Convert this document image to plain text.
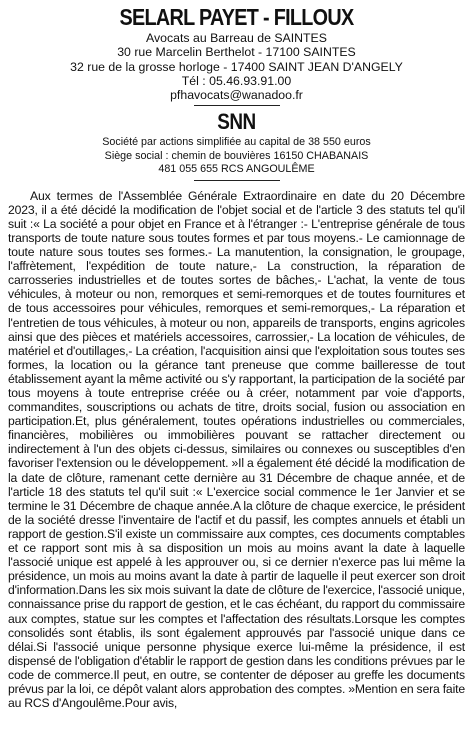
SELARL PAYET - FILLOUX
Avocats au Barreau de SAINTES
30 rue Marcelin Berthelot - 17100 SAINTES
32 rue de la grosse horloge - 17400 SAINT JEAN D'ANGELY
Tél : 05.46.93.91.00
pfhavocats@wanadoo.fr
SNN
Société par actions simplifiée au capital de 38 550 euros
Siège social : chemin de bouvières 16150 CHABANAIS
481 055 655 RCS ANGOULÊME

Aux termes de l'Assemblée Générale Extraordinaire en date du 20 Décembre 2023, il a été décidé la modification de l'objet social et de l'article 3 des statuts tel qu'il suit :« La société a pour objet en France et à l'étranger :- L'entreprise générale de tous transports de toute nature sous toutes formes et par tous moyens.- Le camionnage de toute nature sous toutes ses formes.- La manutention, la consignation, le groupage, l'affrètement, l'expédition de toute nature,- La construction, la réparation de carrosseries industrielles et de toutes sortes de bâches,- L'achat, la vente de tous véhicules, à moteur ou non, remorques et semi-remorques et de toutes fournitures et de tous accessoires pour véhicules, remorques et semi-remorques,- La réparation et l'entretien de tous véhicules, à moteur ou non, appareils de transports, engins agricoles ainsi que des pièces et matériels accessoires, carrossier,- La location de véhicules, de matériel et d'outillages,- La création, l'acquisition ainsi que l'exploitation sous toutes ses formes, la location ou la gérance tant preneuse que comme bailleresse de tout établissement ayant la même activité ou s'y rapportant, la participation de la société par tous moyens à toute entreprise créée ou à créer, notamment par voie d'apports, commandites, souscriptions ou achats de titre, droits social, fusion ou association en participation.Et, plus généralement, toutes opérations industrielles ou commerciales, financières, mobilières ou immobilières pouvant se rattacher directement ou indirectement à l'un des objets ci-dessus, similaires ou connexes ou susceptibles d'en favoriser l'extension ou le développement. »Il a également été décidé la modification de la date de clôture, ramenant cette dernière au 31 Décembre de chaque année, et de l'article 18 des statuts tel qu'il suit :« L'exercice social commence le 1er Janvier et se termine le 31 Décembre de chaque année.A la clôture de chaque exercice, le président de la société dresse l'inventaire de l'actif et du passif, les comptes annuels et établi un rapport de gestion.S'il existe un commissaire aux comptes, ces documents comptables et ce rapport sont mis à sa disposition un mois au moins avant la date à laquelle l'associé unique est appelé à les approuver ou, si ce dernier n'exerce pas lui même la présidence, un mois au moins avant la date à partir de laquelle il peut exercer son droit d'information.Dans les six mois suivant la date de clôture de l'exercice, l'associé unique, connaissance prise du rapport de gestion, et le cas échéant, du rapport du commissaire aux comptes, statue sur les comptes et l'affectation des résultats.Lorsque les comptes consolidés sont établis, ils sont également approuvés par l'associé unique dans ce délai.Si l'associé unique personne physique exerce lui-même la présidence, il est dispensé de l'obligation d'établir le rapport de gestion dans les conditions prévues par le code de commerce.Il peut, en outre, se contenter de déposer au greffe les documents prévus par la loi, ce dépôt valant alors approbation des comptes. »Mention en sera faite au RCS d'Angoulême.Pour avis,
